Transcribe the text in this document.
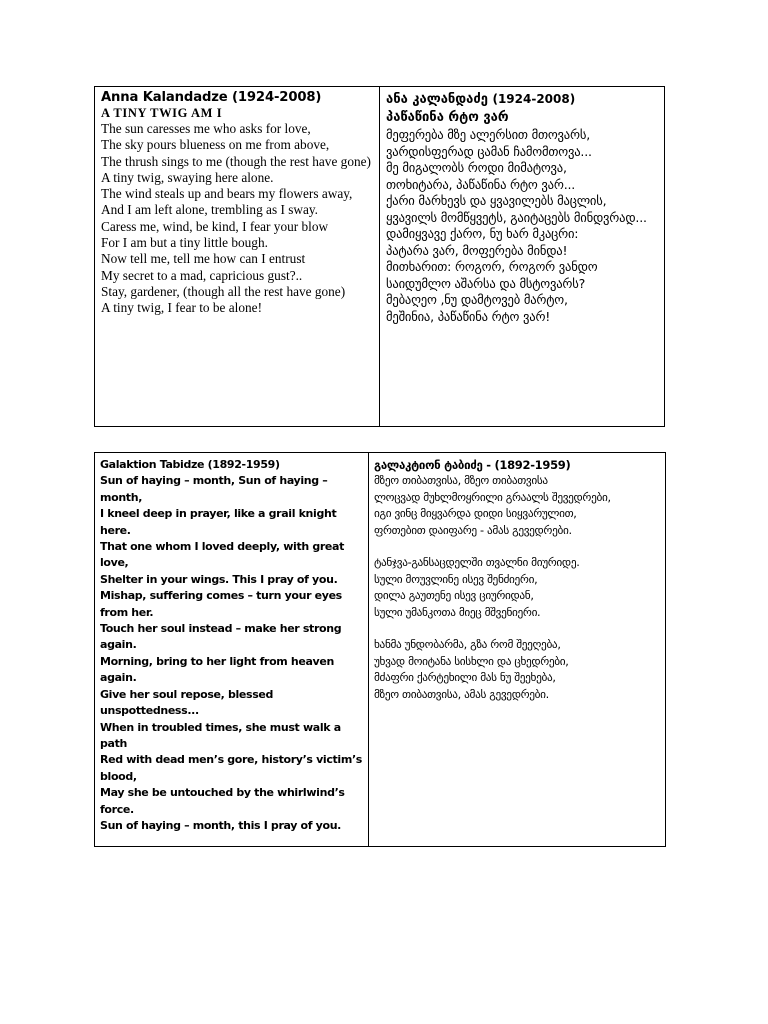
Anna Kalandadze (1924-2008)
A TINY TWIG AM I
The sun caresses me who asks for love,
The sky pours blueness on me from above,
The thrush sings to me (though the rest have gone)
A tiny twig, swaying here alone.
The wind steals up and bears my flowers away,
And I am left alone, trembling as I sway.
Caress me, wind, be kind, I fear your blow
For I am but a tiny little bough.
Now tell me, tell me how can I entrust
My secret to a mad, capricious gust?..
Stay, gardener, (though all the rest have gone)
A tiny twig, I fear to be alone!

ანა კალანდაძე (1924-2008)
პაწაწინა რტო ვარ
მეფერება მზე ალერსით მთოვარს,
ვარდისფერად ცამან ჩამომთოვა...
მე მიგალობს როდი მიმატოვა,
თოხიტარა, პაწაწინა რტო ვარ...
ქარი მარხევს და ყვავილებს მაცლის,
ყვავილს მომწყვეტს, გაიტაცებს მინდვრად...
დამიყვავე ქარო, ნუ ხარ მკაცრი:
პატარა ვარ, მოფერება მინდა!
მითხარით: როგორ, როგორ ვანდო
საიდუმლო აშარსა და მსტოვარს?
მებაღეო ,ნუ დამტოვებ მარტო,
მეშინია, პაწაწინა რტო ვარ!
Galaktion Tabidze (1892-1959)
Sun of haying – month, Sun of haying – month,
I kneel deep in prayer, like a grail knight here.
That one whom I loved deeply, with great love,
Shelter in your wings. This I pray of you.
Mishap, suffering comes – turn your eyes from her.
Touch her soul instead – make her strong again.
Morning, bring to her light from heaven again.
Give her soul repose, blessed unspottedness...
When in troubled times, she must walk a path
Red with dead men’s gore, history’s victim’s blood,
May she be untouched by the whirlwind’s force.
Sun of haying – month, this I pray of you.

გალაკტიონ ტაბიძე - (1892-1959)
მზეო თიბათვისა, მზეო თიბათვისა
ლოცვად მუხლმოყრილი გრაალს შევედრები,
იგი ვინც მიყვარდა დიდი სიყვარულით,
ფრთებით დაიფარე - ამას გევედრები.
ტანჯვა-განსაცდელში თვალნი მიურიდე.
სული მოუვლინე ისევ შენძიერი,
დილა გაუთენე ისევ ციურიდან,
სული უმანკოთა მიეც მშვენიერი.
ხანმა უნდობარმა, გზა რომ შეეღება,
უხვად მოიტანა სისხლი და ცხედრები,
მძაფრი ქარტეხილი მას ნუ შეეხება,
მზეო თიბათვისა, ამას გევედრები.
